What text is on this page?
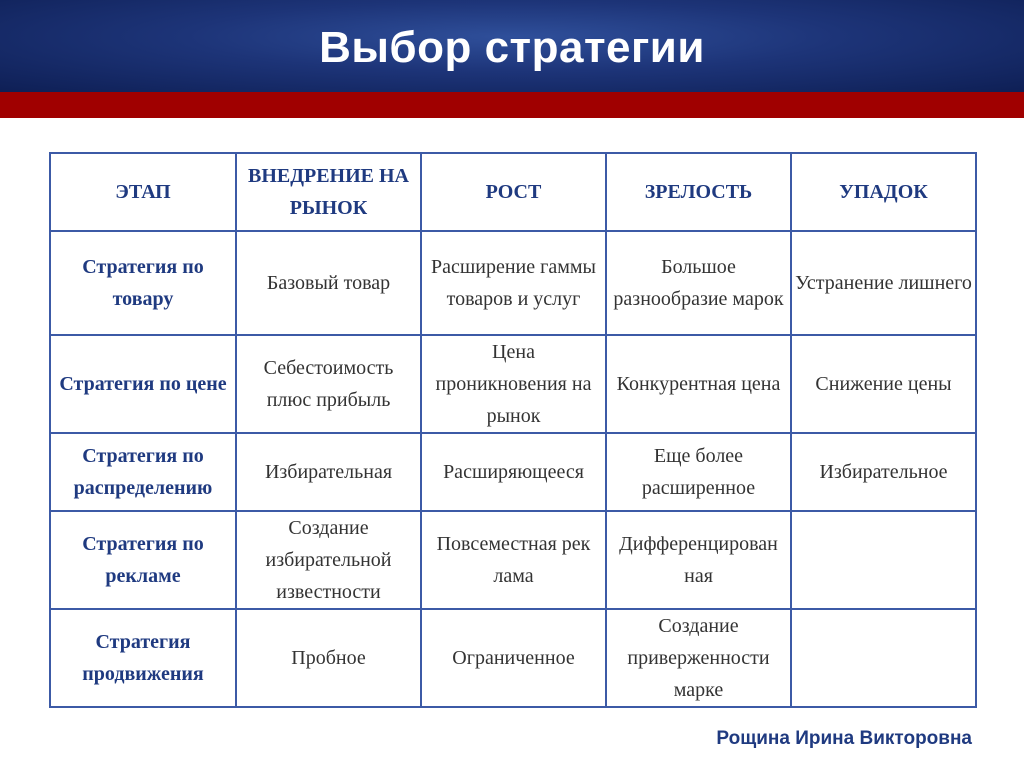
Выбор стратегии
ЭТАП	ВНЕДРЕНИЕ НА РЫНОК	РОСТ	ЗРЕЛОСТЬ	УПАДОК
Стратегия по товару	Базовый товар	Расширение гаммы товаров и услуг	Большое разнообразие марок	Устранение лишнего
Стратегия по цене	Себестоимость плюс прибыль	Цена проникновения на рынок	Конкурентная цена	Снижение цены
Стратегия по распределению	Избирательная	Расширяющееся	Еще более расширенное	Избирательное
Стратегия по рекламе	Создание избирательной известности	Повсеместная рек лама	Дифференцирован ная	
Стратегия продвижения	Пробное	Ограниченное	Создание приверженности марке	
Рощина Ирина Викторовна
